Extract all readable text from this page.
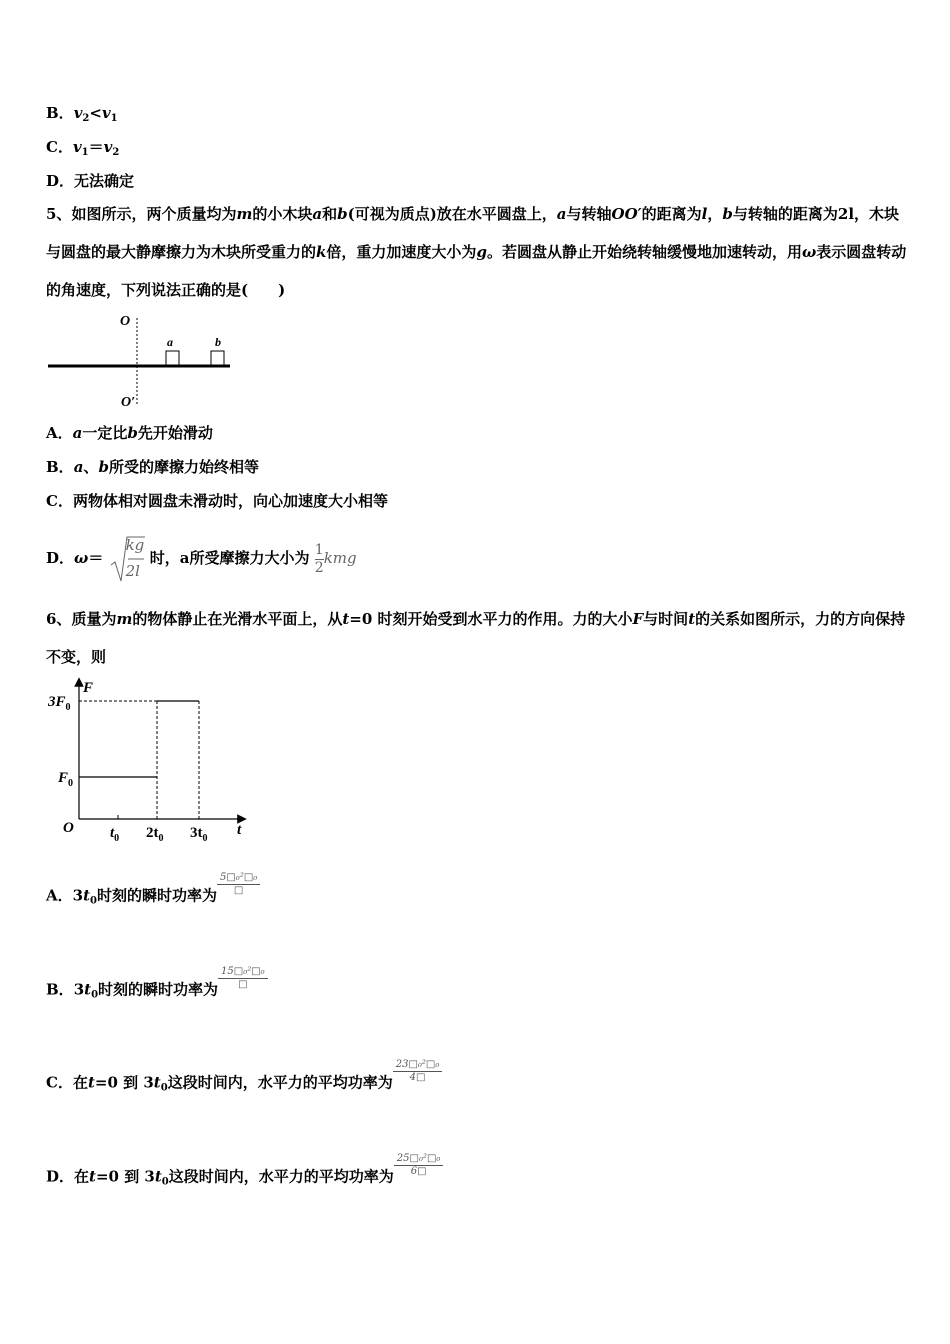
B．$v_2<v_1$
C．$v_1=v_2$
D．无法确定
5、如图所示，两个质量均为m的小木块a和b(可视为质点)放在水平圆盘上，a与转轴OO′的距离为l，b与转轴的距离为2l，木块与圆盘的最大静摩擦力为木块所受重力的k倍，重力加速度大小为g。若圆盘从静止开始绕转轴缓慢地加速转动，用ω表示圆盘转动的角速度，下列说法正确的是(　　)
O
a	b
O′
A．a一定比b先开始滑动
B．a、b所受的摩擦力始终相等
C．两物体相对圆盘未滑动时，向心加速度大小相等
D．ω＝
kg
2l
时，a所受摩擦力大小为 $\frac{1}{2}$ kmg
6、质量为m的物体静止在光滑水平面上，从t=0 时刻开始受到水平力的作用。力的大小F与时间t的关系如图所示，力的方向保持不变，则
F
t
O
$3F_0$
$F_0$
$t_0$ $2t_0$ $3t_0$
A．$3t_0$时刻的瞬时功率为 $\frac{\text{5□₀²□₀}}{□}$
B．$3t_0$时刻的瞬时功率为 $\frac{\text{15□₀²□₀}}{□}$
C．在t=0 到 $3t_0$这段时间内，水平力的平均功率为 $\frac{\text{23□₀²□₀}}{4□}$
D．在t=0 到 $3t_0$这段时间内，水平力的平均功率为 $\frac{\text{25□₀²□₀}}{6□}$
